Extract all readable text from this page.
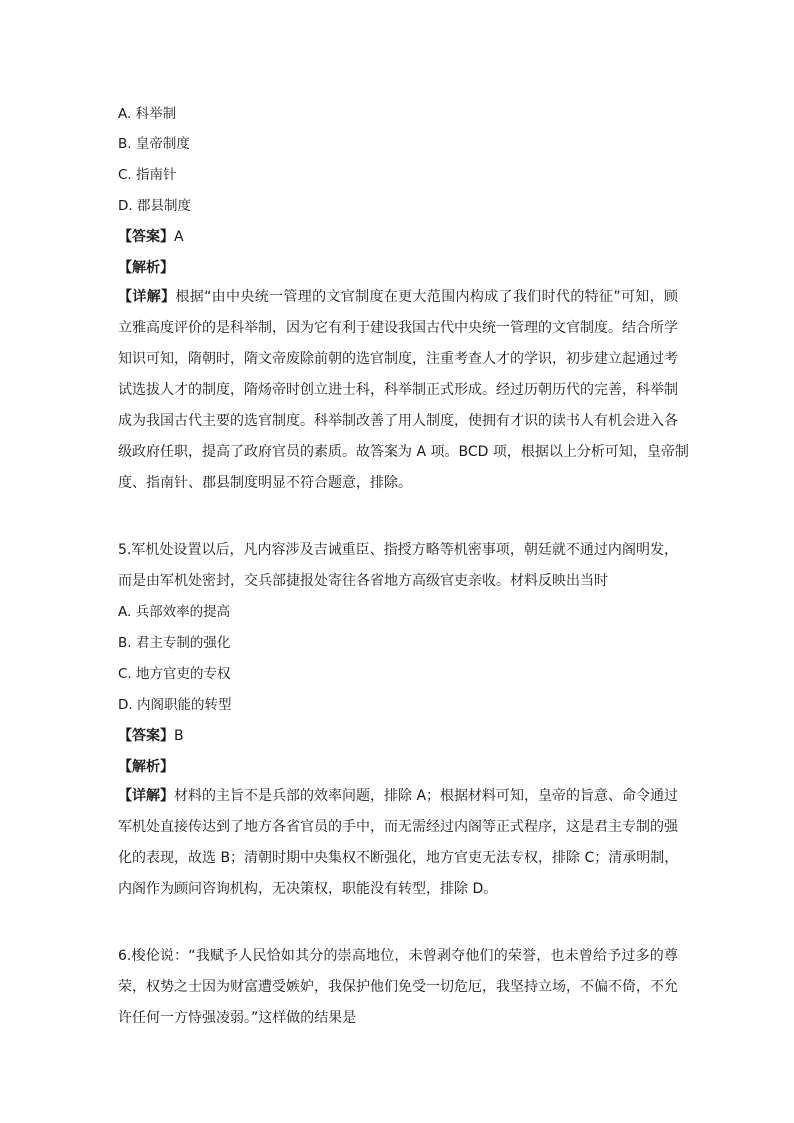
A. 科举制
B. 皇帝制度
C. 指南针
D. 郡县制度
【答案】A
【解析】
【详解】根据“由中央统一管理的文官制度在更大范围内构成了我们时代的特征”可知，顾
立雅高度评价的是科举制，因为它有利于建设我国古代中央统一管理的文官制度。结合所学
知识可知，隋朝时，隋文帝废除前朝的选官制度，注重考查人才的学识，初步建立起通过考
试选拔人才的制度，隋炀帝时创立进士科，科举制正式形成。经过历朝历代的完善，科举制
成为我国古代主要的选官制度。科举制改善了用人制度，使拥有才识的读书人有机会进入各
级政府任职，提高了政府官员的素质。故答案为 A 项。BCD 项，根据以上分析可知，皇帝制
度、指南针、郡县制度明显不符合题意，排除。
5.军机处设置以后，凡内容涉及吉诫重臣、指授方略等机密事项，朝廷就不通过内阁明发，
而是由军机处密封，交兵部捷报处寄往各省地方高级官吏亲收。材料反映出当时
A. 兵部效率的提高
B. 君主专制的强化
C. 地方官吏的专权
D. 内阁职能的转型
【答案】B
【解析】
【详解】材料的主旨不是兵部的效率问题，排除 A；根据材料可知，皇帝的旨意、命令通过
军机处直接传达到了地方各省官员的手中，而无需经过内阁等正式程序，这是君主专制的强
化的表现，故选 B；清朝时期中央集权不断强化，地方官吏无法专权，排除 C；清承明制，
内阁作为顾问咨询机构，无决策权，职能没有转型，排除 D。
6.梭伦说：“我赋予人民恰如其分的崇高地位，未曾剥夺他们的荣誉，也未曾给予过多的尊
荣，权势之士因为财富遭受嫉妒，我保护他们免受一切危厄，我坚持立场，不偏不倚，不允
许任何一方恃强凌弱。”这样做的结果是
